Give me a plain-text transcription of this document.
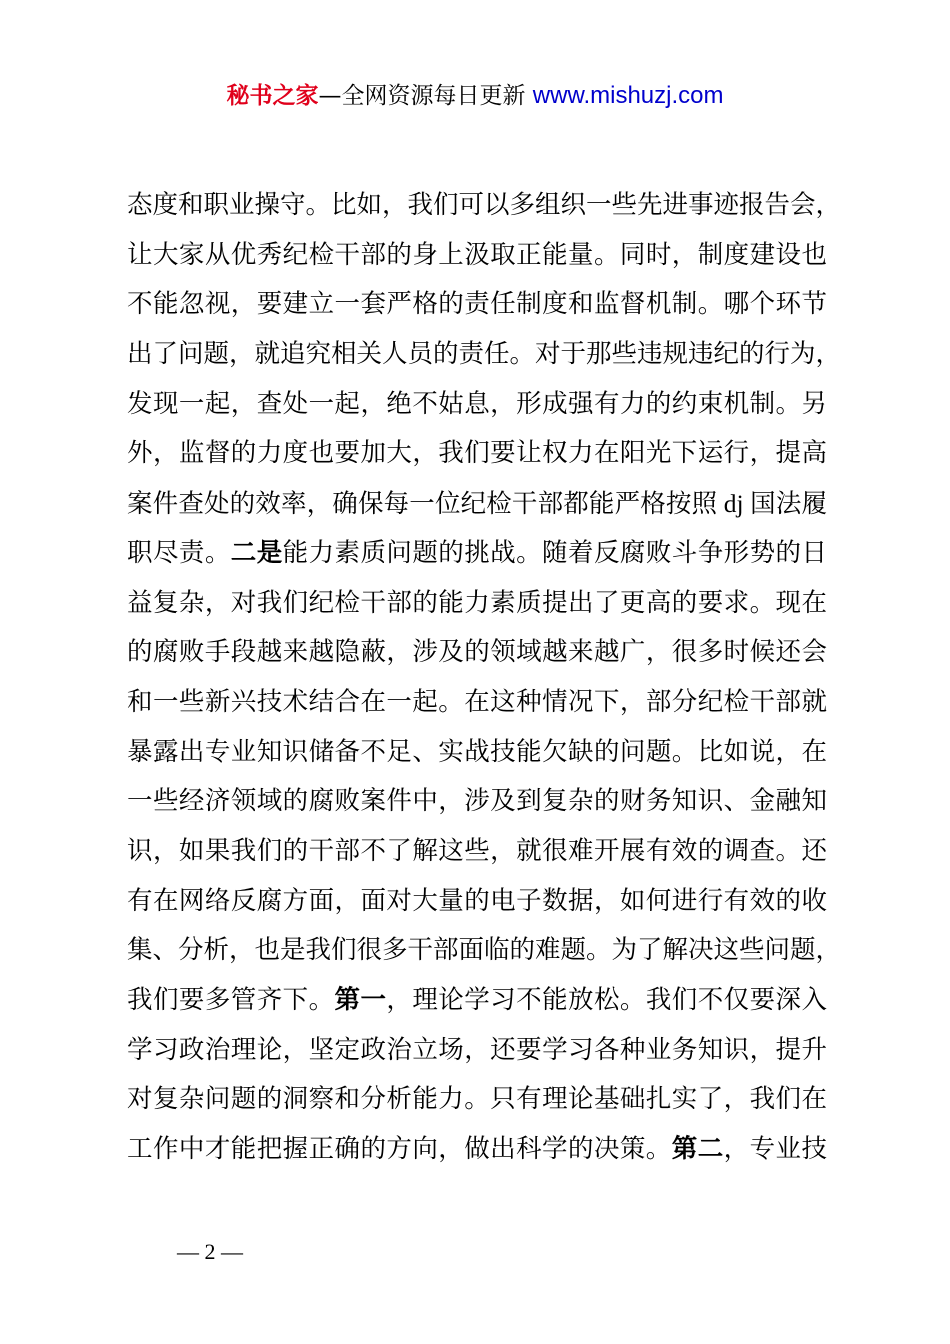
秘书之家—全网资源每日更新 www.mishuzj.com
态度和职业操守。比如，我们可以多组织一些先进事迹报告会，
让大家从优秀纪检干部的身上汲取正能量。同时，制度建设也
不能忽视，要建立一套严格的责任制度和监督机制。哪个环节
出了问题，就追究相关人员的责任。对于那些违规违纪的行为，
发现一起，查处一起，绝不姑息，形成强有力的约束机制。另
外，监督的力度也要加大，我们要让权力在阳光下运行，提高
案件查处的效率，确保每一位纪检干部都能严格按照 dj 国法履
职尽责。二是能力素质问题的挑战。随着反腐败斗争形势的日
益复杂，对我们纪检干部的能力素质提出了更高的要求。现在
的腐败手段越来越隐蔽，涉及的领域越来越广，很多时候还会
和一些新兴技术结合在一起。在这种情况下，部分纪检干部就
暴露出专业知识储备不足、实战技能欠缺的问题。比如说，在
一些经济领域的腐败案件中，涉及到复杂的财务知识、金融知
识，如果我们的干部不了解这些，就很难开展有效的调查。还
有在网络反腐方面，面对大量的电子数据，如何进行有效的收
集、分析，也是我们很多干部面临的难题。为了解决这些问题，
我们要多管齐下。第一，理论学习不能放松。我们不仅要深入
学习政治理论，坚定政治立场，还要学习各种业务知识，提升
对复杂问题的洞察和分析能力。只有理论基础扎实了，我们在
工作中才能把握正确的方向，做出科学的决策。第二，专业技
— 2 —
